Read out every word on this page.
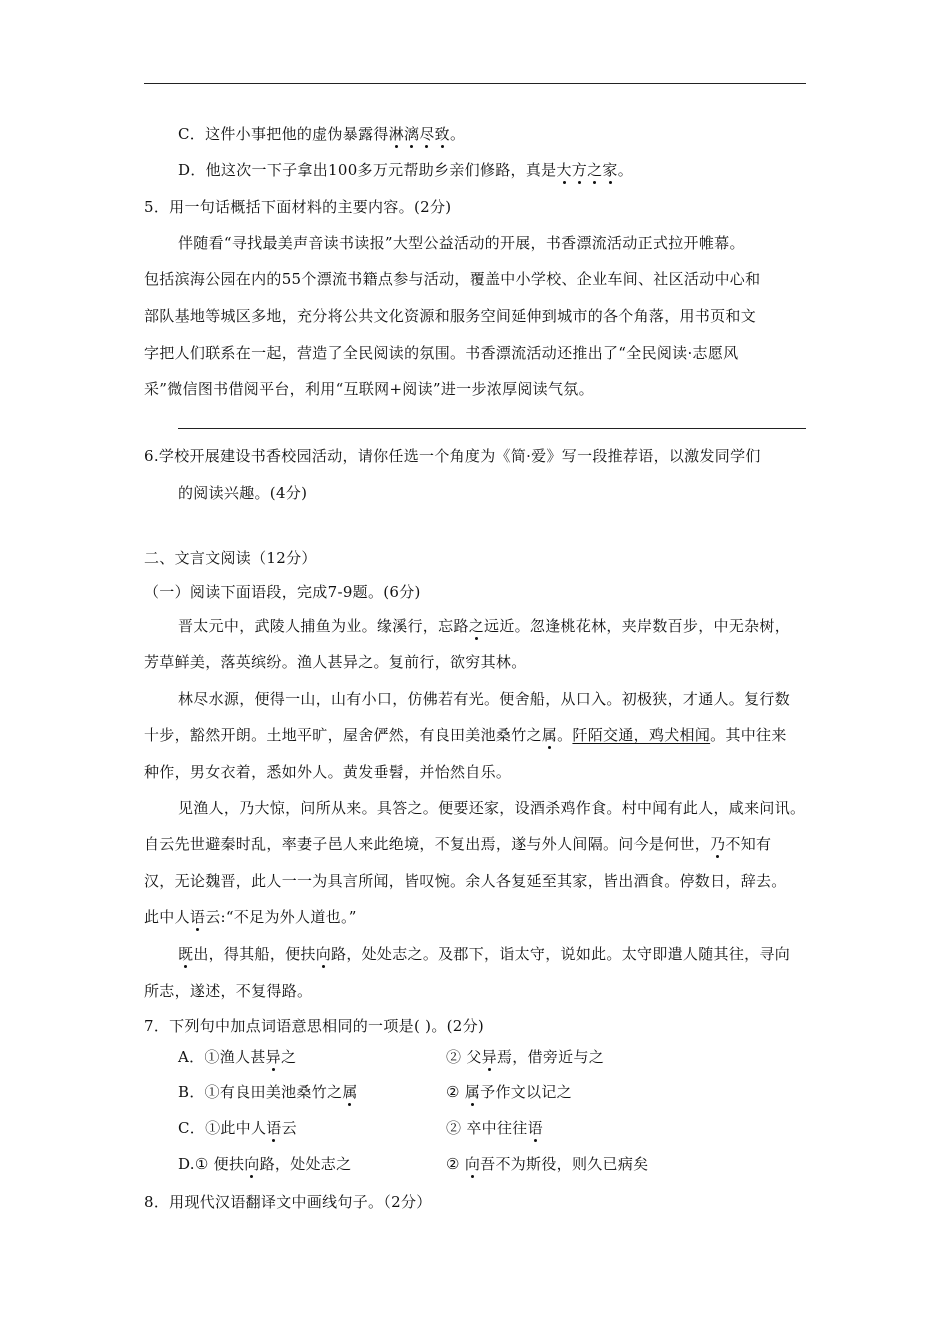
C．这件小事把他的虚伪暴露得淋漓尽致。
D．他这次一下子拿出100多万元帮助乡亲们修路，真是大方之家。
5．用一句话概括下面材料的主要内容。(2分)
伴随看“寻找最美声音读书读报”大型公益活动的开展，书香漂流活动正式拉开帷幕。
包括滨海公园在内的55个漂流书籍点参与活动，覆盖中小学校、企业车间、社区活动中心和
部队基地等城区多地，充分将公共文化资源和服务空间延伸到城市的各个角落，用书页和文
字把人们联系在一起，营造了全民阅读的氛围。书香漂流活动还推出了“全民阅读·志愿风
采”微信图书借阅平台，利用“互联网+阅读”进一步浓厚阅读气氛。
6.学校开展建设书香校园活动，请你任选一个角度为《简·爱》写一段推荐语，以激发同学们
的阅读兴趣。(4分)
二、文言文阅读（12分）
（一）阅读下面语段，完成7-9题。(6分)
晋太元中，武陵人捕鱼为业。缘溪行，忘路之远近。忽逢桃花林，夹岸数百步，中无杂树，
芳草鲜美，落英缤纷。渔人甚异之。复前行，欲穷其林。
林尽水源，便得一山，山有小口，仿佛若有光。便舍船，从口入。初极狭，才通人。复行数
十步，豁然开朗。土地平旷，屋舍俨然，有良田美池桑竹之属。阡陌交通，鸡犬相闻。其中往来
种作，男女衣着，悉如外人。黄发垂髫，并怡然自乐。
见渔人，乃大惊，问所从来。具答之。便要还家，设酒杀鸡作食。村中闻有此人，咸来问讯。
自云先世避秦时乱，率妻子邑人来此绝境，不复出焉，遂与外人间隔。问今是何世，乃不知有
汉，无论魏晋，此人一一为具言所闻，皆叹惋。余人各复延至其家，皆出酒食。停数日，辞去。
此中人语云:“不足为外人道也。”
既出，得其船，便扶向路，处处志之。及郡下，诣太守，说如此。太守即遣人随其往，寻向
所志，遂述，不复得路。
7．下列句中加点词语意思相同的一项是( )。(2分)
A．①渔人甚异之	② 父异焉，借旁近与之
B．①有良田美池桑竹之属	② 属予作文以记之
C．①此中人语云	② 卒中往往语
D.① 便扶向路，处处志之	② 向吾不为斯役，则久已病矣
8．用现代汉语翻译文中画线句子。（2分）
